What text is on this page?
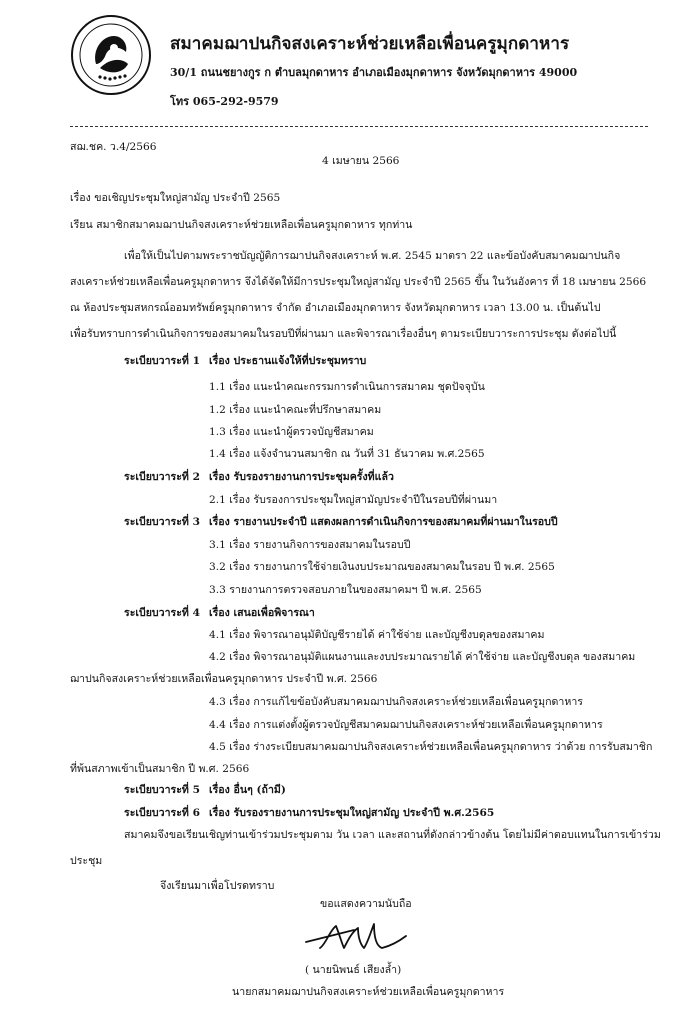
สมาคมฌาปนกิจสงเคราะห์ช่วยเหลือเพื่อนครูมุกดาหาร
30/1 ถนนชยางกูร ก ตำบลมุกดาหาร อำเภอเมืองมุกดาหาร จังหวัดมุกดาหาร 49000
โทร 065-292-9579
สฌ.ชค. ว.4/2566
4 เมษายน 2566
เรื่อง ขอเชิญประชุมใหญ่สามัญ ประจำปี 2565
เรียน สมาชิกสมาคมฌาปนกิจสงเคราะห์ช่วยเหลือเพื่อนครูมุกดาหาร ทุกท่าน
เพื่อให้เป็นไปตามพระราชบัญญัติการฌาปนกิจสงเคราะห์ พ.ศ. 2545 มาตรา 22 และข้อบังคับสมาคมฌาปนกิจ
สงเคราะห์ช่วยเหลือเพื่อนครูมุกดาหาร จึงได้จัดให้มีการประชุมใหญ่สามัญ ประจำปี 2565 ขึ้น ในวันอังคาร ที่ 18 เมษายน 2566
ณ ห้องประชุมสหกรณ์ออมทรัพย์ครูมุกดาหาร จำกัด อำเภอเมืองมุกดาหาร จังหวัดมุกดาหาร เวลา 13.00 น. เป็นต้นไป
เพื่อรับทราบการดำเนินกิจการของสมาคมในรอบปีที่ผ่านมา และพิจารณาเรื่องอื่นๆ ตามระเบียบวาระการประชุม ดังต่อไปนี้
ระเบียบวาระที่ 1 เรื่อง ประธานแจ้งให้ที่ประชุมทราบ
1.1 เรื่อง แนะนำคณะกรรมการดำเนินการสมาคม ชุดปัจจุบัน
1.2 เรื่อง แนะนำคณะที่ปรึกษาสมาคม
1.3 เรื่อง แนะนำผู้ตรวจบัญชีสมาคม
1.4 เรื่อง แจ้งจำนวนสมาชิก ณ วันที่ 31 ธันวาคม พ.ศ.2565
ระเบียบวาระที่ 2 เรื่อง รับรองรายงานการประชุมครั้งที่แล้ว
2.1 เรื่อง รับรองการประชุมใหญ่สามัญประจำปีในรอบปีที่ผ่านมา
ระเบียบวาระที่ 3 เรื่อง รายงานประจำปี แสดงผลการดำเนินกิจการของสมาคมที่ผ่านมาในรอบปี
3.1 เรื่อง รายงานกิจการของสมาคมในรอบปี
3.2 เรื่อง รายงานการใช้จ่ายเงินงบประมาณของสมาคมในรอบ ปี พ.ศ. 2565
3.3 รายงานการตรวจสอบภายในของสมาคมฯ ปี พ.ศ. 2565
ระเบียบวาระที่ 4 เรื่อง เสนอเพื่อพิจารณา
4.1 เรื่อง พิจารณาอนุมัติบัญชีรายได้ ค่าใช้จ่าย และบัญชีงบดุลของสมาคม
4.2 เรื่อง พิจารณาอนุมัติแผนงานและงบประมาณรายได้ ค่าใช้จ่าย และบัญชีงบดุล ของสมาคม
ฌาปนกิจสงเคราะห์ช่วยเหลือเพื่อนครูมุกดาหาร ประจำปี พ.ศ. 2566
4.3 เรื่อง การแก้ไขข้อบังคับสมาคมฌาปนกิจสงเคราะห์ช่วยเหลือเพื่อนครูมุกดาหาร
4.4 เรื่อง การแต่งตั้งผู้ตรวจบัญชีสมาคมฌาปนกิจสงเคราะห์ช่วยเหลือเพื่อนครูมุกดาหาร
4.5 เรื่อง ร่างระเบียบสมาคมฌาปนกิจสงเคราะห์ช่วยเหลือเพื่อนครูมุกดาหาร ว่าด้วย การรับสมาชิก
ที่พ้นสภาพเข้าเป็นสมาชิก ปี พ.ศ. 2566
ระเบียบวาระที่ 5 เรื่อง อื่นๆ (ถ้ามี)
ระเบียบวาระที่ 6 เรื่อง รับรองรายงานการประชุมใหญ่สามัญ ประจำปี พ.ศ.2565
สมาคมจึงขอเรียนเชิญท่านเข้าร่วมประชุมตาม วัน เวลา และสถานที่ดังกล่าวข้างต้น โดยไม่มีค่าตอบแทนในการเข้าร่วม
ประชุม
จึงเรียนมาเพื่อโปรดทราบ
ขอแสดงความนับถือ
( นายนิพนธ์ เสียงล้ำ)
นายกสมาคมฌาปนกิจสงเคราะห์ช่วยเหลือเพื่อนครูมุกดาหาร
